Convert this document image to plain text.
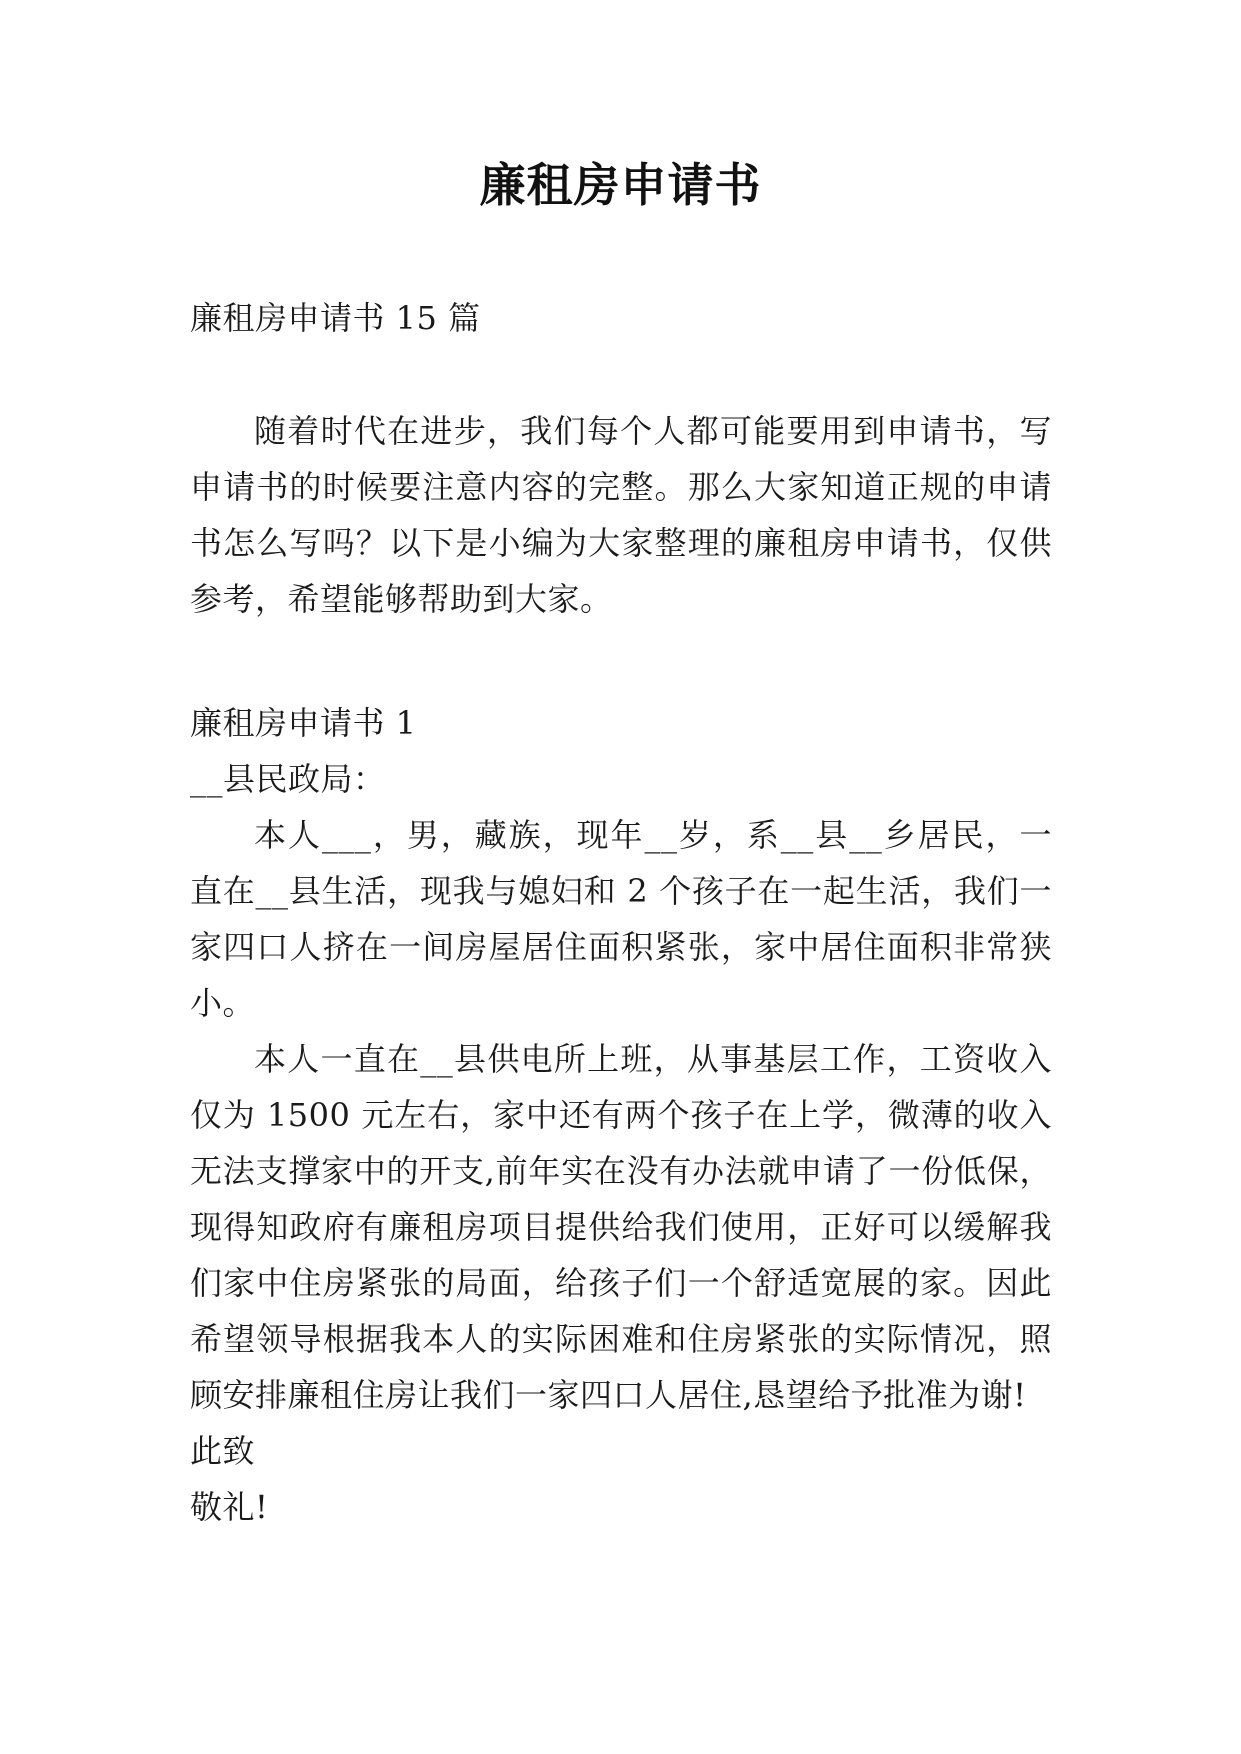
廉租房申请书

廉租房申请书 15 篇

随着时代在进步，我们每个人都可能要用到申请书，写申请书的时候要注意内容的完整。那么大家知道正规的申请书怎么写吗？以下是小编为大家整理的廉租房申请书，仅供参考，希望能够帮助到大家。

廉租房申请书 1

__县民政局：

本人___，男，藏族，现年__岁，系__县__乡居民，一直在__县生活，现我与媳妇和 2 个孩子在一起生活，我们一家四口人挤在一间房屋居住面积紧张，家中居住面积非常狭小。

本人一直在__县供电所上班，从事基层工作，工资收入仅为 1500 元左右，家中还有两个孩子在上学，微薄的收入无法支撑家中的开支,前年实在没有办法就申请了一份低保，现得知政府有廉租房项目提供给我们使用，正好可以缓解我们家中住房紧张的局面，给孩子们一个舒适宽展的家。因此希望领导根据我本人的实际困难和住房紧张的实际情况，照顾安排廉租住房让我们一家四口人居住,恳望给予批准为谢!

此致

敬礼!
